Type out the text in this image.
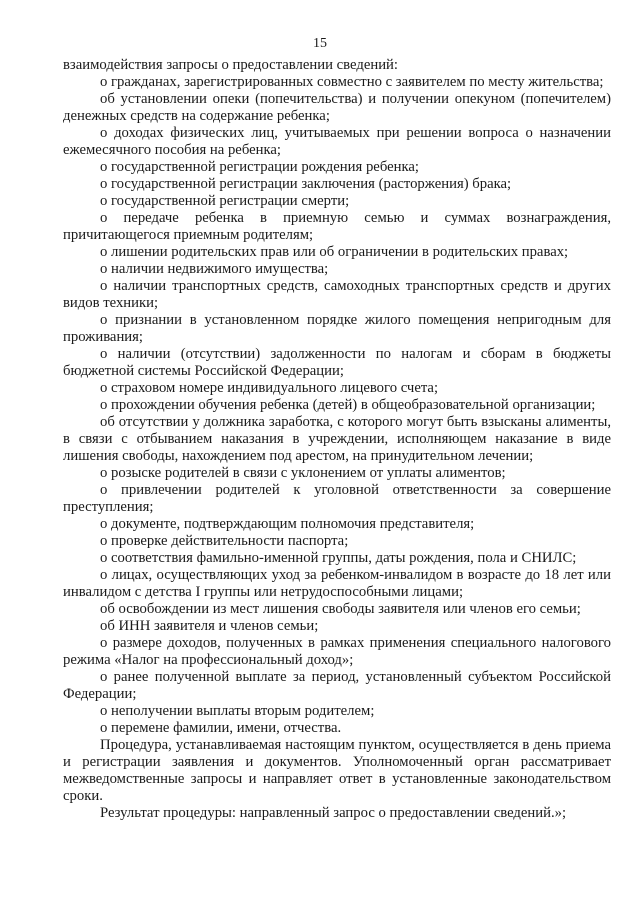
15

взаимодействия запросы о предоставлении сведений:

о гражданах, зарегистрированных совместно с заявителем по месту жительства;

об установлении опеки (попечительства) и получении опекуном (попечителем) денежных средств на содержание ребенка;

о доходах физических лиц, учитываемых при решении вопроса о назначении ежемесячного пособия на ребенка;

о государственной регистрации рождения ребенка;

о государственной регистрации заключения (расторжения) брака;

о государственной регистрации смерти;

о передаче ребенка в приемную семью и суммах вознаграждения, причитающегося приемным родителям;

о лишении родительских прав или об ограничении в родительских правах;

о наличии недвижимого имущества;

о наличии транспортных средств, самоходных транспортных средств и других видов техники;

о признании в установленном порядке жилого помещения непригодным для проживания;

о наличии (отсутствии) задолженности по налогам и сборам в бюджеты бюджетной системы Российской Федерации;

о страховом номере индивидуального лицевого счета;

о прохождении обучения ребенка (детей) в общеобразовательной организации;

об отсутствии у должника заработка, с которого могут быть взысканы алименты, в связи с отбыванием наказания в учреждении, исполняющем наказание в виде лишения свободы, нахождением под арестом, на принудительном лечении;

о розыске родителей в связи с уклонением от уплаты алиментов;

о привлечении родителей к уголовной ответственности за совершение преступления;

о документе, подтверждающим полномочия представителя;

о проверке действительности паспорта;

о соответствия фамильно-именной группы, даты рождения, пола и СНИЛС;

о лицах, осуществляющих уход за ребенком-инвалидом в возрасте до 18 лет или инвалидом с детства I группы или нетрудоспособными лицами;

об освобождении из мест лишения свободы заявителя или членов его семьи;

об ИНН заявителя и членов семьи;

о размере доходов, полученных в рамках применения специального налогового режима «Налог на профессиональный доход»;

о ранее полученной выплате за период, установленный субъектом Российской Федерации;

о неполучении выплаты вторым родителем;

о перемене фамилии, имени, отчества.

Процедура, устанавливаемая настоящим пунктом, осуществляется в день приема и регистрации заявления и документов. Уполномоченный орган рассматривает межведомственные запросы и направляет ответ в установленные законодательством сроки.

Результат процедуры: направленный запрос о предоставлении сведений.»;
